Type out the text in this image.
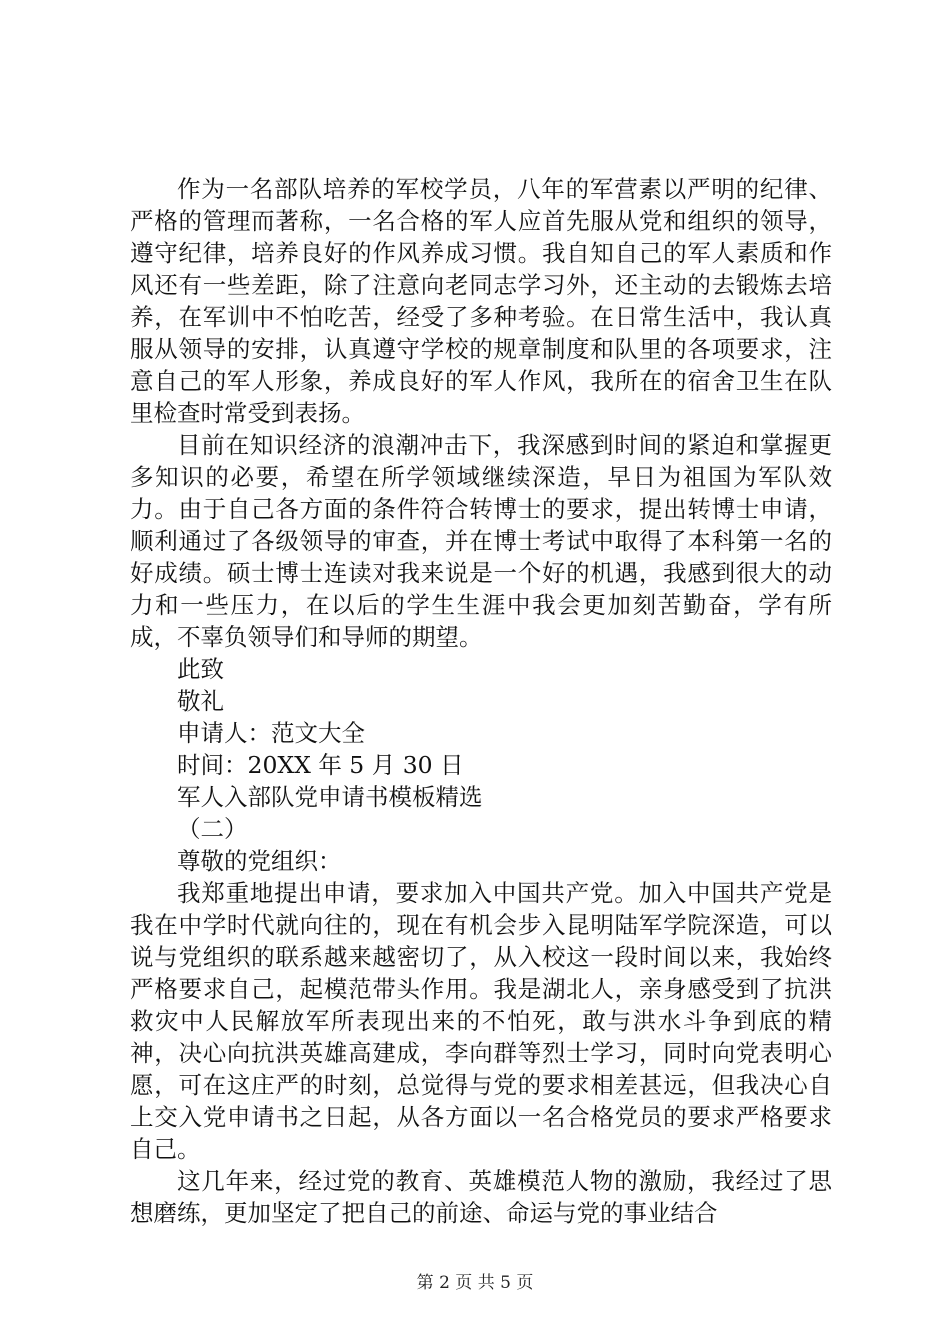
作为一名部队培养的军校学员，八年的军营素以严明的纪律、严格的管理而著称，一名合格的军人应首先服从党和组织的领导，遵守纪律，培养良好的作风养成习惯。我自知自己的军人素质和作风还有一些差距，除了注意向老同志学习外，还主动的去锻炼去培养，在军训中不怕吃苦，经受了多种考验。在日常生活中，我认真服从领导的安排，认真遵守学校的规章制度和队里的各项要求，注意自己的军人形象，养成良好的军人作风，我所在的宿舍卫生在队里检查时常受到表扬。

目前在知识经济的浪潮冲击下，我深感到时间的紧迫和掌握更多知识的必要，希望在所学领域继续深造，早日为祖国为军队效力。由于自己各方面的条件符合转博士的要求，提出转博士申请，顺利通过了各级领导的审查，并在博士考试中取得了本科第一名的好成绩。硕士博士连读对我来说是一个好的机遇，我感到很大的动力和一些压力，在以后的学生生涯中我会更加刻苦勤奋，学有所成，不辜负领导们和导师的期望。

此致

敬礼

申请人：范文大全

时间：20XX 年 5 月 30 日

军人入部队党申请书模板精选

（二）

尊敬的党组织：

我郑重地提出申请，要求加入中国共产党。加入中国共产党是我在中学时代就向往的，现在有机会步入昆明陆军学院深造，可以说与党组织的联系越来越密切了，从入校这一段时间以来，我始终严格要求自己，起模范带头作用。我是湖北人，亲身感受到了抗洪救灾中人民解放军所表现出来的不怕死，敢与洪水斗争到底的精神，决心向抗洪英雄高建成，李向群等烈士学习，同时向党表明心愿，可在这庄严的时刻，总觉得与党的要求相差甚远，但我决心自上交入党申请书之日起，从各方面以一名合格党员的要求严格要求自己。

这几年来，经过党的教育、英雄模范人物的激励，我经过了思想磨练，更加坚定了把自己的前途、命运与党的事业结合

第 2 页 共 5 页
